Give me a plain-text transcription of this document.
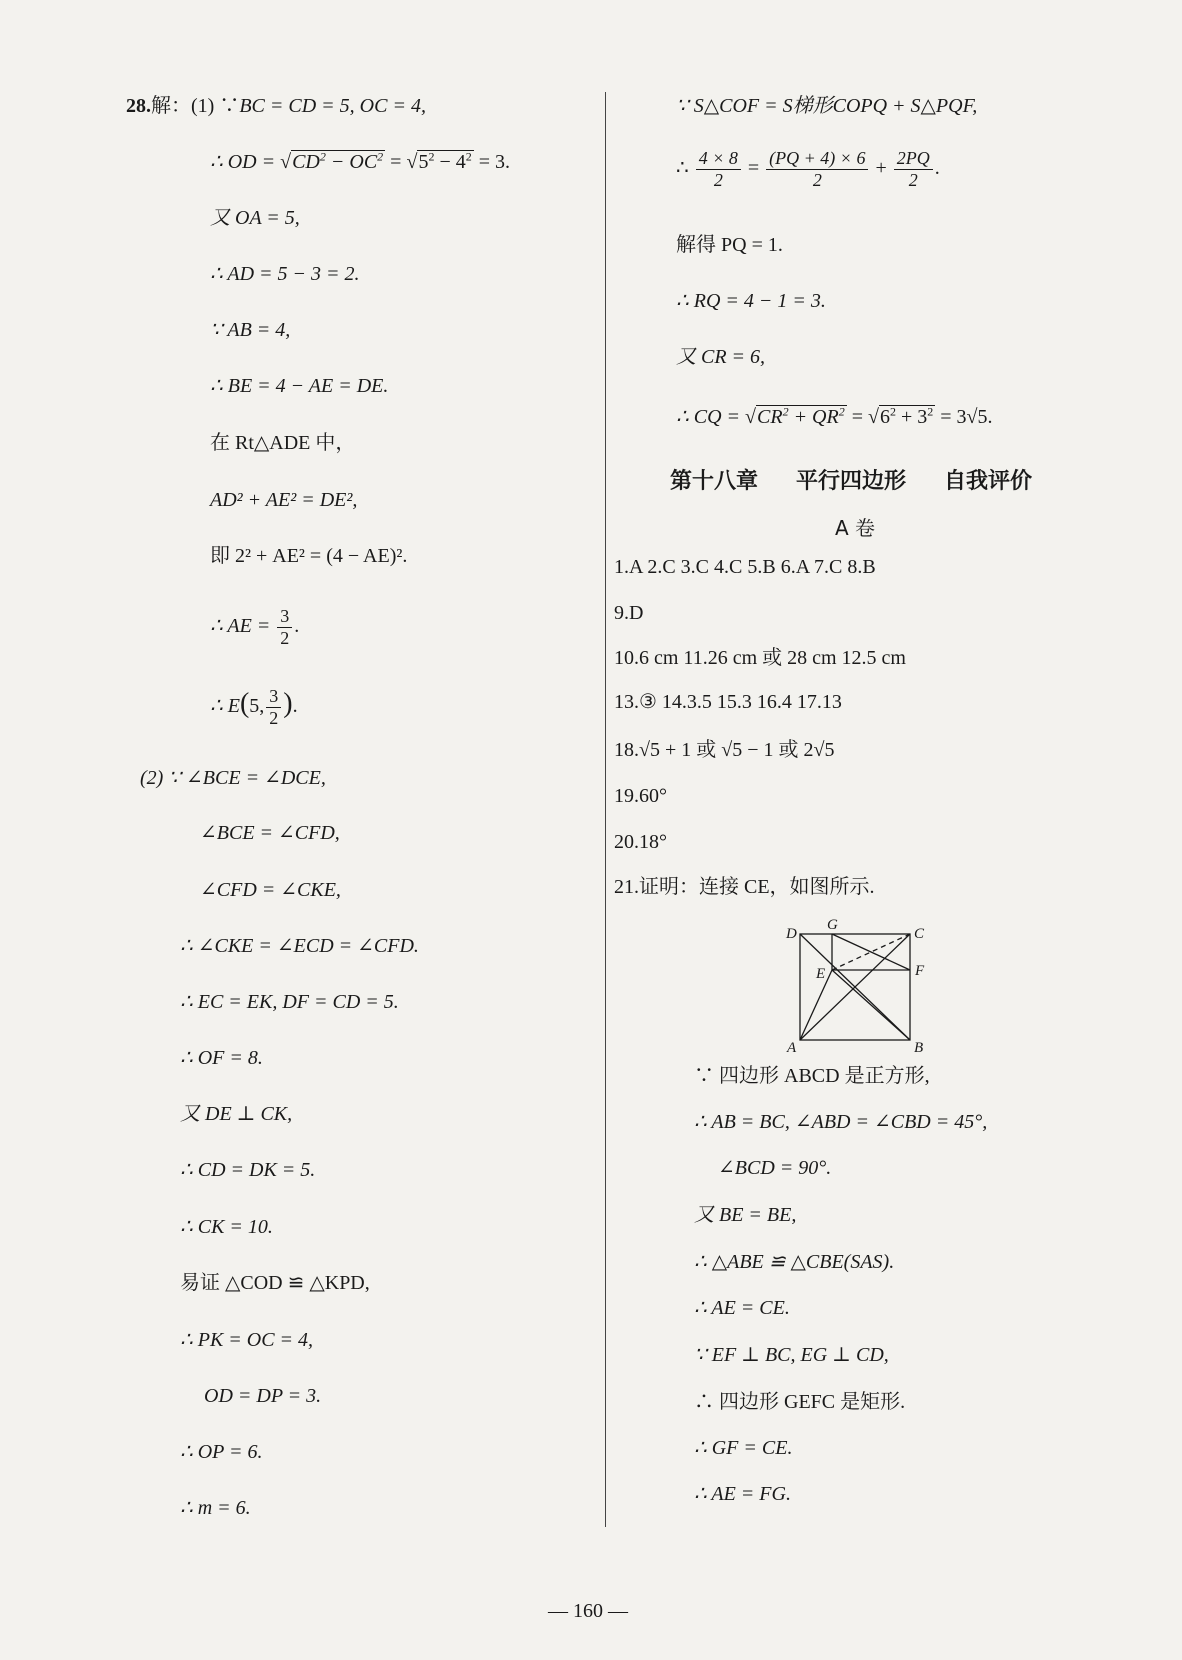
28.解：(1) ∵BC = CD = 5, OC = 4,
∴ OD = $√CD^2 - OC^2 = √5^2 - 4^2 = 3$.
又 OA = 5,
∴ AD = 5 − 3 = 2.
∵ AB = 4,
∴ BE = 4 − AE = DE.
在 Rt△ADE 中，
AD² + AE² = DE²,
即 2² + AE² = (4 − AE)².
∴ AE = $\frac{3}{2}$ .
∴ E(5, $\frac{3}{2}$ ).
(2) ∵ ∠BCE = ∠DCE,
∠BCE = ∠CFD,
∠CFD = ∠CKE,
∴ ∠CKE = ∠ECD = ∠CFD.
∴ EC = EK, DF = CD = 5.
∴ OF = 8.
又 DE ⊥ CK,
∴ CD = DK = 5.
∴ CK = 10.
易证 △COD ≌ △KPD,
∴ PK = OC = 4,
OD = DP = 3.
∴ OP = 6.
∴ m = 6.
∵ S△COF = S梯形COPQ + S△PQF,
∴ $\frac{4 \times 8}{2} = \frac{(PQ + 4) \times 6}{2} + \frac{2PQ}{2}$ .
解得 PQ = 1.
∴ RQ = 4 − 1 = 3.
又 CR = 6,
∴ CQ = $√CR^2 + QR^2 = √6^2 + 3^2 = 3√5$.
第十八章 平行四边形 自我评价
A 卷
1.A 2.C 3.C 4.C 5.B 6.A 7.C 8.B
9.D
10.6 cm 11.26 cm 或 28 cm 12.5 cm
13.③ 14.3.5 15.3 16.4 17.13
18.√5 + 1 或 √5 − 1 或 2√5
19.60°
20.18°
21.证明：连接 CE，如图所示.
D
G
C
E	F
A	B
∵ 四边形 ABCD 是正方形,
∴ AB = BC, ∠ABD = ∠CBD = 45°,
∠BCD = 90°.
又 BE = BE,
∴ △ABE ≌ △CBE(SAS).
∴ AE = CE.
∵ EF ⊥ BC, EG ⊥ CD,
∴ 四边形 GEFC 是矩形.
∴ GF = CE.
∴ AE = FG.
— 160 —
